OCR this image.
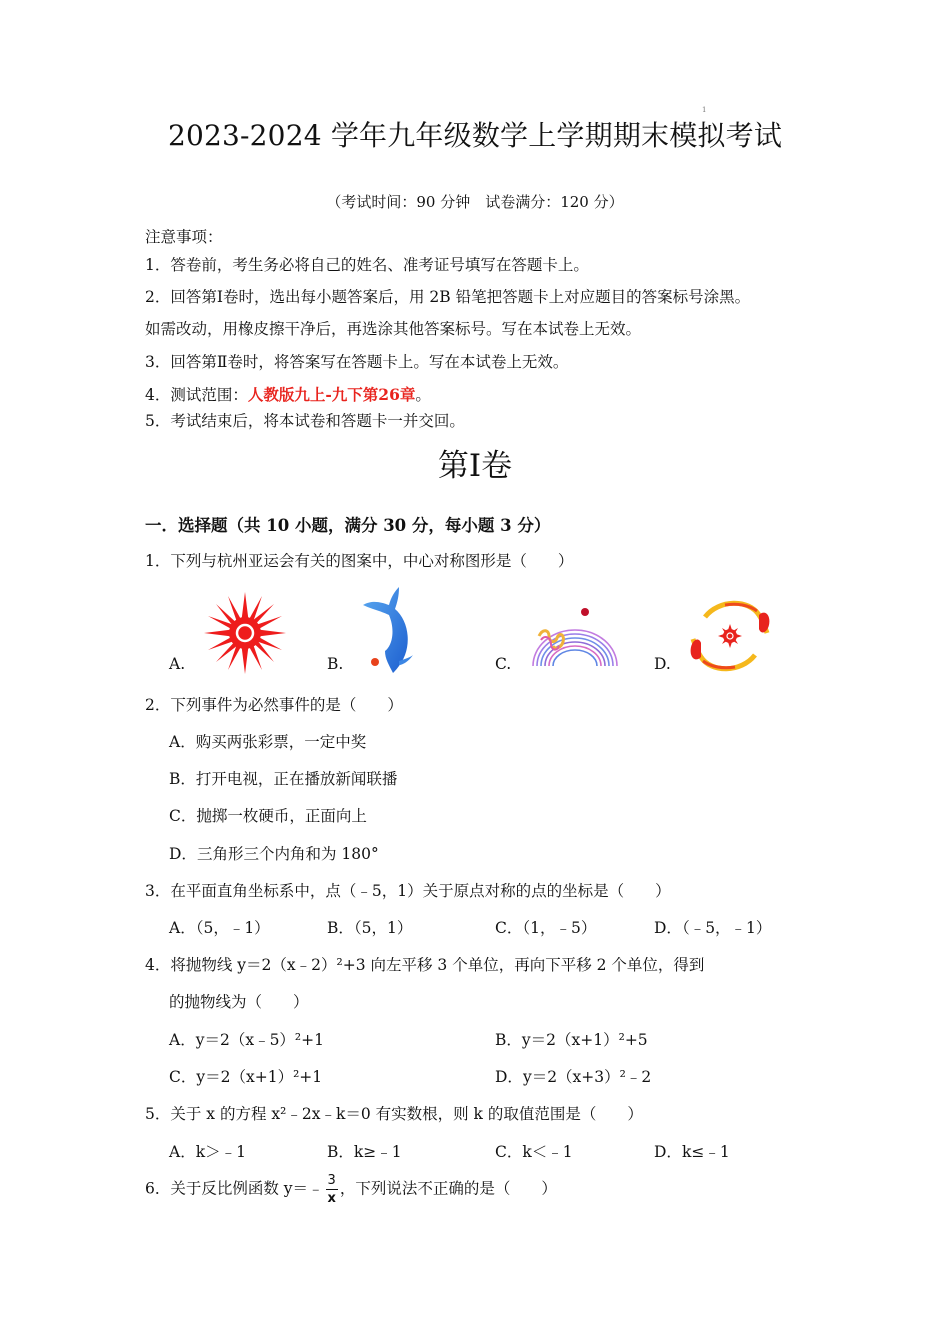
1
2023-2024 学年九年级数学上学期期末模拟考试
（考试时间：90 分钟　试卷满分：120 分）
注意事项：
1．答卷前，考生务必将自己的姓名、准考证号填写在答题卡上。
2．回答第Ⅰ卷时，选出每小题答案后，用 2B 铅笔把答题卡上对应题目的答案标号涂黑。
如需改动，用橡皮擦干净后，再选涂其他答案标号。写在本试卷上无效。
3．回答第Ⅱ卷时，将答案写在答题卡上。写在本试卷上无效。
4．测试范围：人教版九上-九下第26章。
5．考试结束后，将本试卷和答题卡一并交回。
第Ⅰ卷
一．选择题（共 10 小题，满分 30 分，每小题 3 分）
1．下列与杭州亚运会有关的图案中，中心对称图形是（　　）
A.	B.	C.	D.
2．下列事件为必然事件的是（　　）
A．购买两张彩票，一定中奖
B．打开电视，正在播放新闻联播
C．抛掷一枚硬币，正面向上
D．三角形三个内角和为 180°
3．在平面直角坐标系中，点（﹣5，1）关于原点对称的点的坐标是（　　）
A．（5，﹣1）	B．（5，1）	C．（1，﹣5）	D．（﹣5，﹣1）
4．将抛物线 y＝2（x﹣2）²+3 向左平移 3 个单位，再向下平移 2 个单位，得到
的抛物线为（　　）
A．y＝2（x﹣5）²+1	B．y＝2（x+1）²+5
C．y＝2（x+1）²+1	D．y＝2（x+3）²﹣2
5．关于 x 的方程 x²﹣2x﹣k＝0 有实数根，则 k 的取值范围是（　　）
A．k＞﹣1	B．k≥﹣1	C．k＜﹣1	D．k≤﹣1
6．关于反比例函数 y＝﹣ $\frac{3}{x}$ ，下列说法不正确的是（　　）
